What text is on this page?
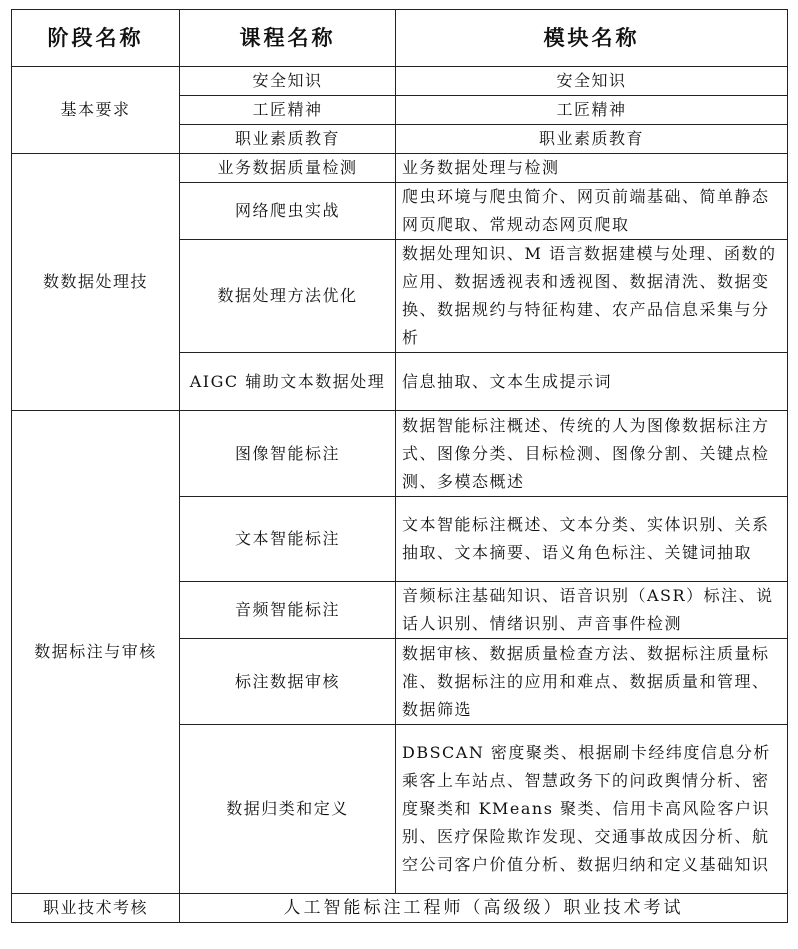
阶段名称	课程名称	模块名称
基本要求	安全知识	安全知识
	工匠精神	工匠精神
	职业素质教育	职业素质教育
数数据处理技	业务数据质量检测	业务数据处理与检测
	网络爬虫实战	爬虫环境与爬虫简介、网页前端基础、简单静态网页爬取、常规动态网页爬取
	数据处理方法优化	数据处理知识、M 语言数据建模与处理、函数的应用、数据透视表和透视图、数据清洗、数据变换、数据规约与特征构建、农产品信息采集与分析
	AIGC 辅助文本数据处理	信息抽取、文本生成提示词
数据标注与审核	图像智能标注	数据智能标注概述、传统的人为图像数据标注方式、图像分类、目标检测、图像分割、关键点检测、多模态概述
	文本智能标注	文本智能标注概述、文本分类、实体识别、关系抽取、文本摘要、语义角色标注、关键词抽取
	音频智能标注	音频标注基础知识、语音识别（ASR）标注、说话人识别、情绪识别、声音事件检测
	标注数据审核	数据审核、数据质量检查方法、数据标注质量标准、数据标注的应用和难点、数据质量和管理、数据筛选
	数据归类和定义	DBSCAN 密度聚类、根据刷卡经纬度信息分析乘客上车站点、智慧政务下的问政舆情分析、密度聚类和 KMeans 聚类、信用卡高风险客户识别、医疗保险欺诈发现、交通事故成因分析、航空公司客户价值分析、数据归纳和定义基础知识
职业技术考核	人工智能标注工程师（高级级）职业技术考试	
